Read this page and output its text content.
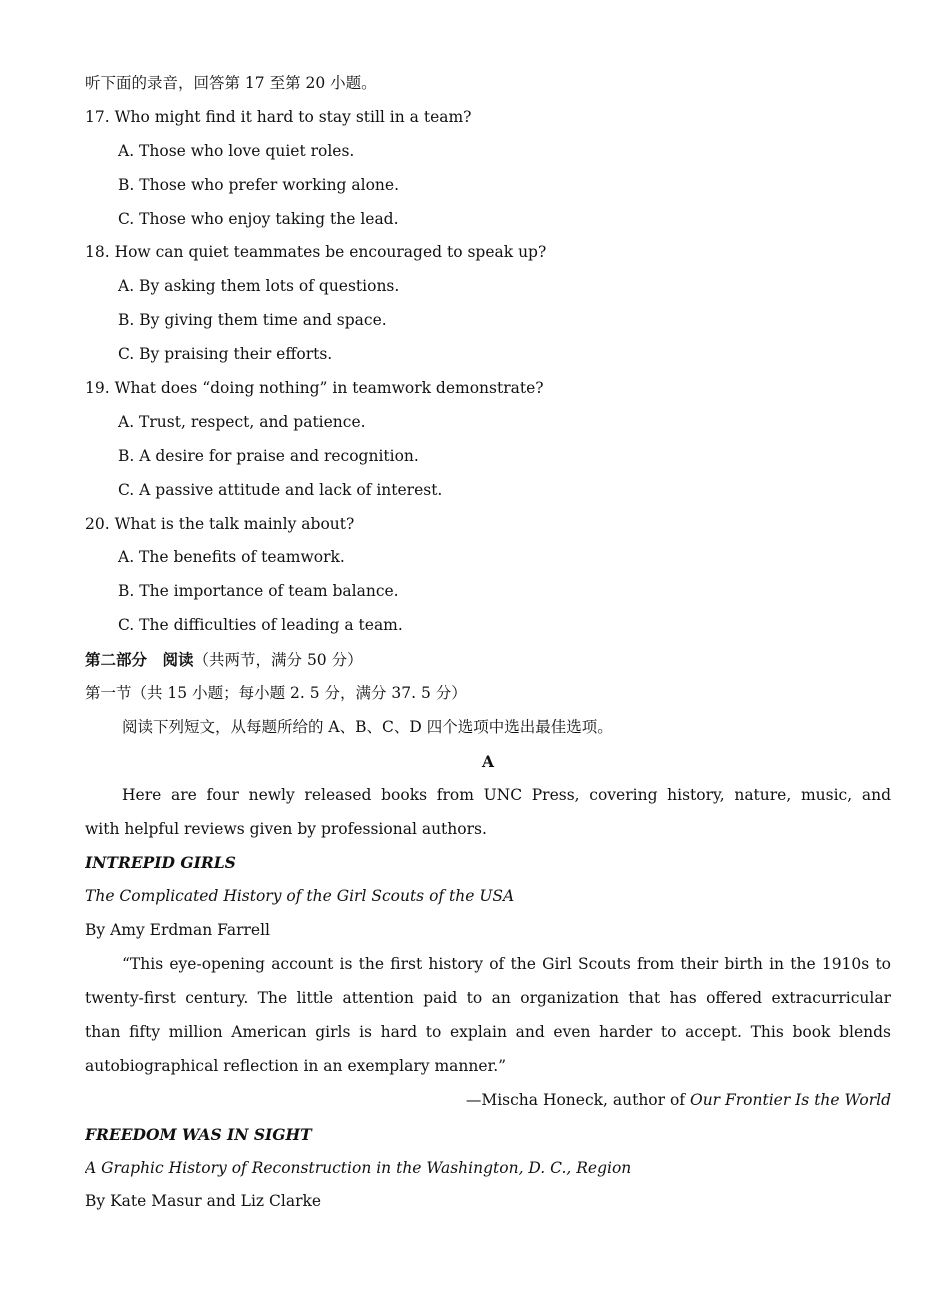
听下面的录音，回答第 17 至第 20 小题。
17. Who might find it hard to stay still in a team?
A. Those who love quiet roles.
B. Those who prefer working alone.
C. Those who enjoy taking the lead.
18. How can quiet teammates be encouraged to speak up?
A. By asking them lots of questions.
B. By giving them time and space.
C. By praising their efforts.
19. What does “doing nothing” in teamwork demonstrate?
A. Trust, respect, and patience.
B. A desire for praise and recognition.
C. A passive attitude and lack of interest.
20. What is the talk mainly about?
A. The benefits of teamwork.
B. The importance of team balance.
C. The difficulties of leading a team.
第二部分　阅读（共两节，满分 50 分）
第一节（共 15 小题；每小题 2. 5 分，满分 37. 5 分）
阅读下列短文，从每题所给的 A、B、C、D 四个选项中选出最佳选项。
A
Here are four newly released books from UNC Press, covering history, nature, music, and
with helpful reviews given by professional authors.
INTREPID GIRLS
The Complicated History of the Girl Scouts of the USA
By Amy Erdman Farrell
“This eye-opening account is the first history of the Girl Scouts from their birth in the 1910s to
twenty-first century. The little attention paid to an organization that has offered extracurricular
than fifty million American girls is hard to explain and even harder to accept. This book blends
autobiographical reflection in an exemplary manner.”
—Mischa Honeck, author of Our Frontier Is the World
FREEDOM WAS IN SIGHT
A Graphic History of Reconstruction in the Washington, D. C., Region
By Kate Masur and Liz Clarke
